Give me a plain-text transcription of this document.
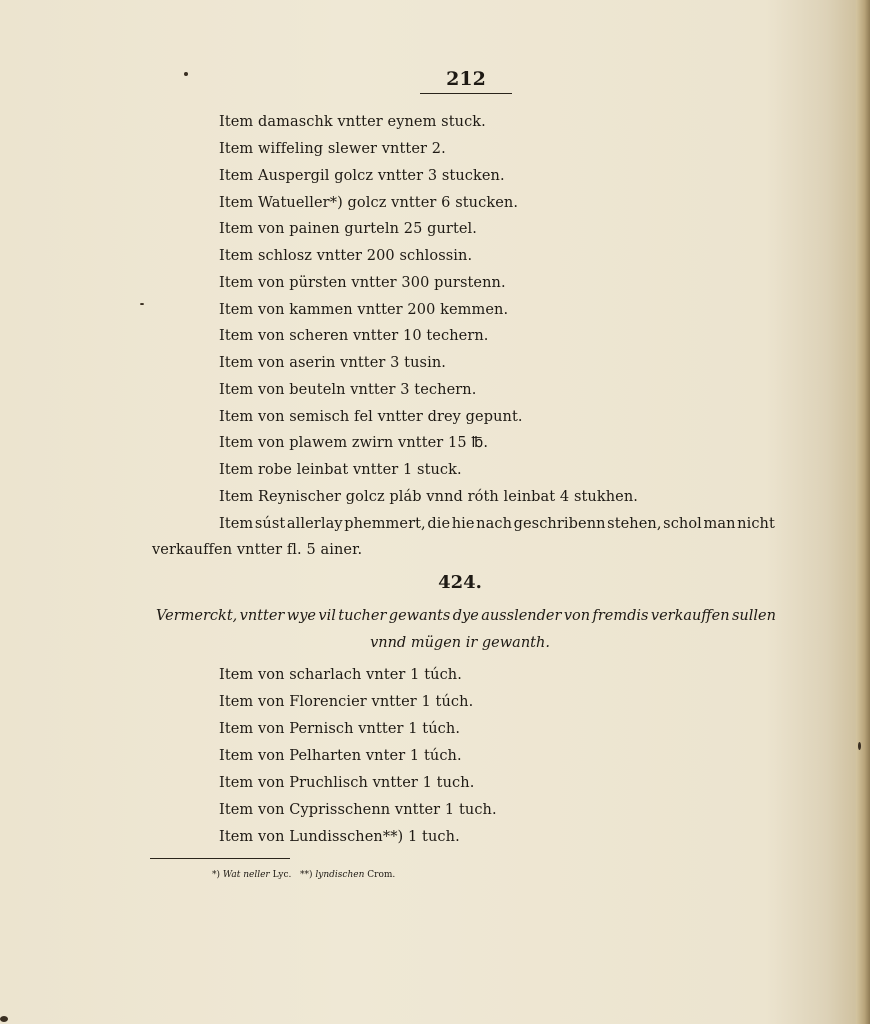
212
Item damaschk vntter eynem stuck.
Item wiffeling slewer vntter 2.
Item Auspergil golcz vntter 3 stucken.
Item Watueller*) golcz vntter 6 stucken.
Item von painen gurteln 25 gurtel.
Item schlosz vntter 200 schlossin.
Item von pürsten vntter 300 purstenn.
Item von kammen vntter 200 kemmen.
Item von scheren vntter 10 techern.
Item von aserin vntter 3 tusin.
Item von beuteln vntter 3 techern.
Item von semisch fel vntter drey gepunt.
Item von plawem zwirn vntter 15 ℔.
Item robe leinbat vntter 1 stuck.
Item Reynischer golcz pláb vnnd róth leinbat 4 stukhen.
Item súst allerlay phemmert, die hie nach geschribenn stehen, schol man nicht
verkauffen vntter fl. 5 ainer.
424.
Vermerckt, vntter wye vil tucher gewants dye ausslender von fremdis verkauffen sullen
vnnd mügen ir gewanth.
Item von scharlach vnter 1 túch.
Item von Florencier vntter 1 túch.
Item von Pernisch vntter 1 túch.
Item von Pelharten vnter 1 túch.
Item von Pruchlisch vntter 1 tuch.
Item von Cyprisschenn vntter 1 tuch.
Item von Lundisschen**) 1 tuch.
*) Wat neller Lyc. **) lyndischen Crom.
